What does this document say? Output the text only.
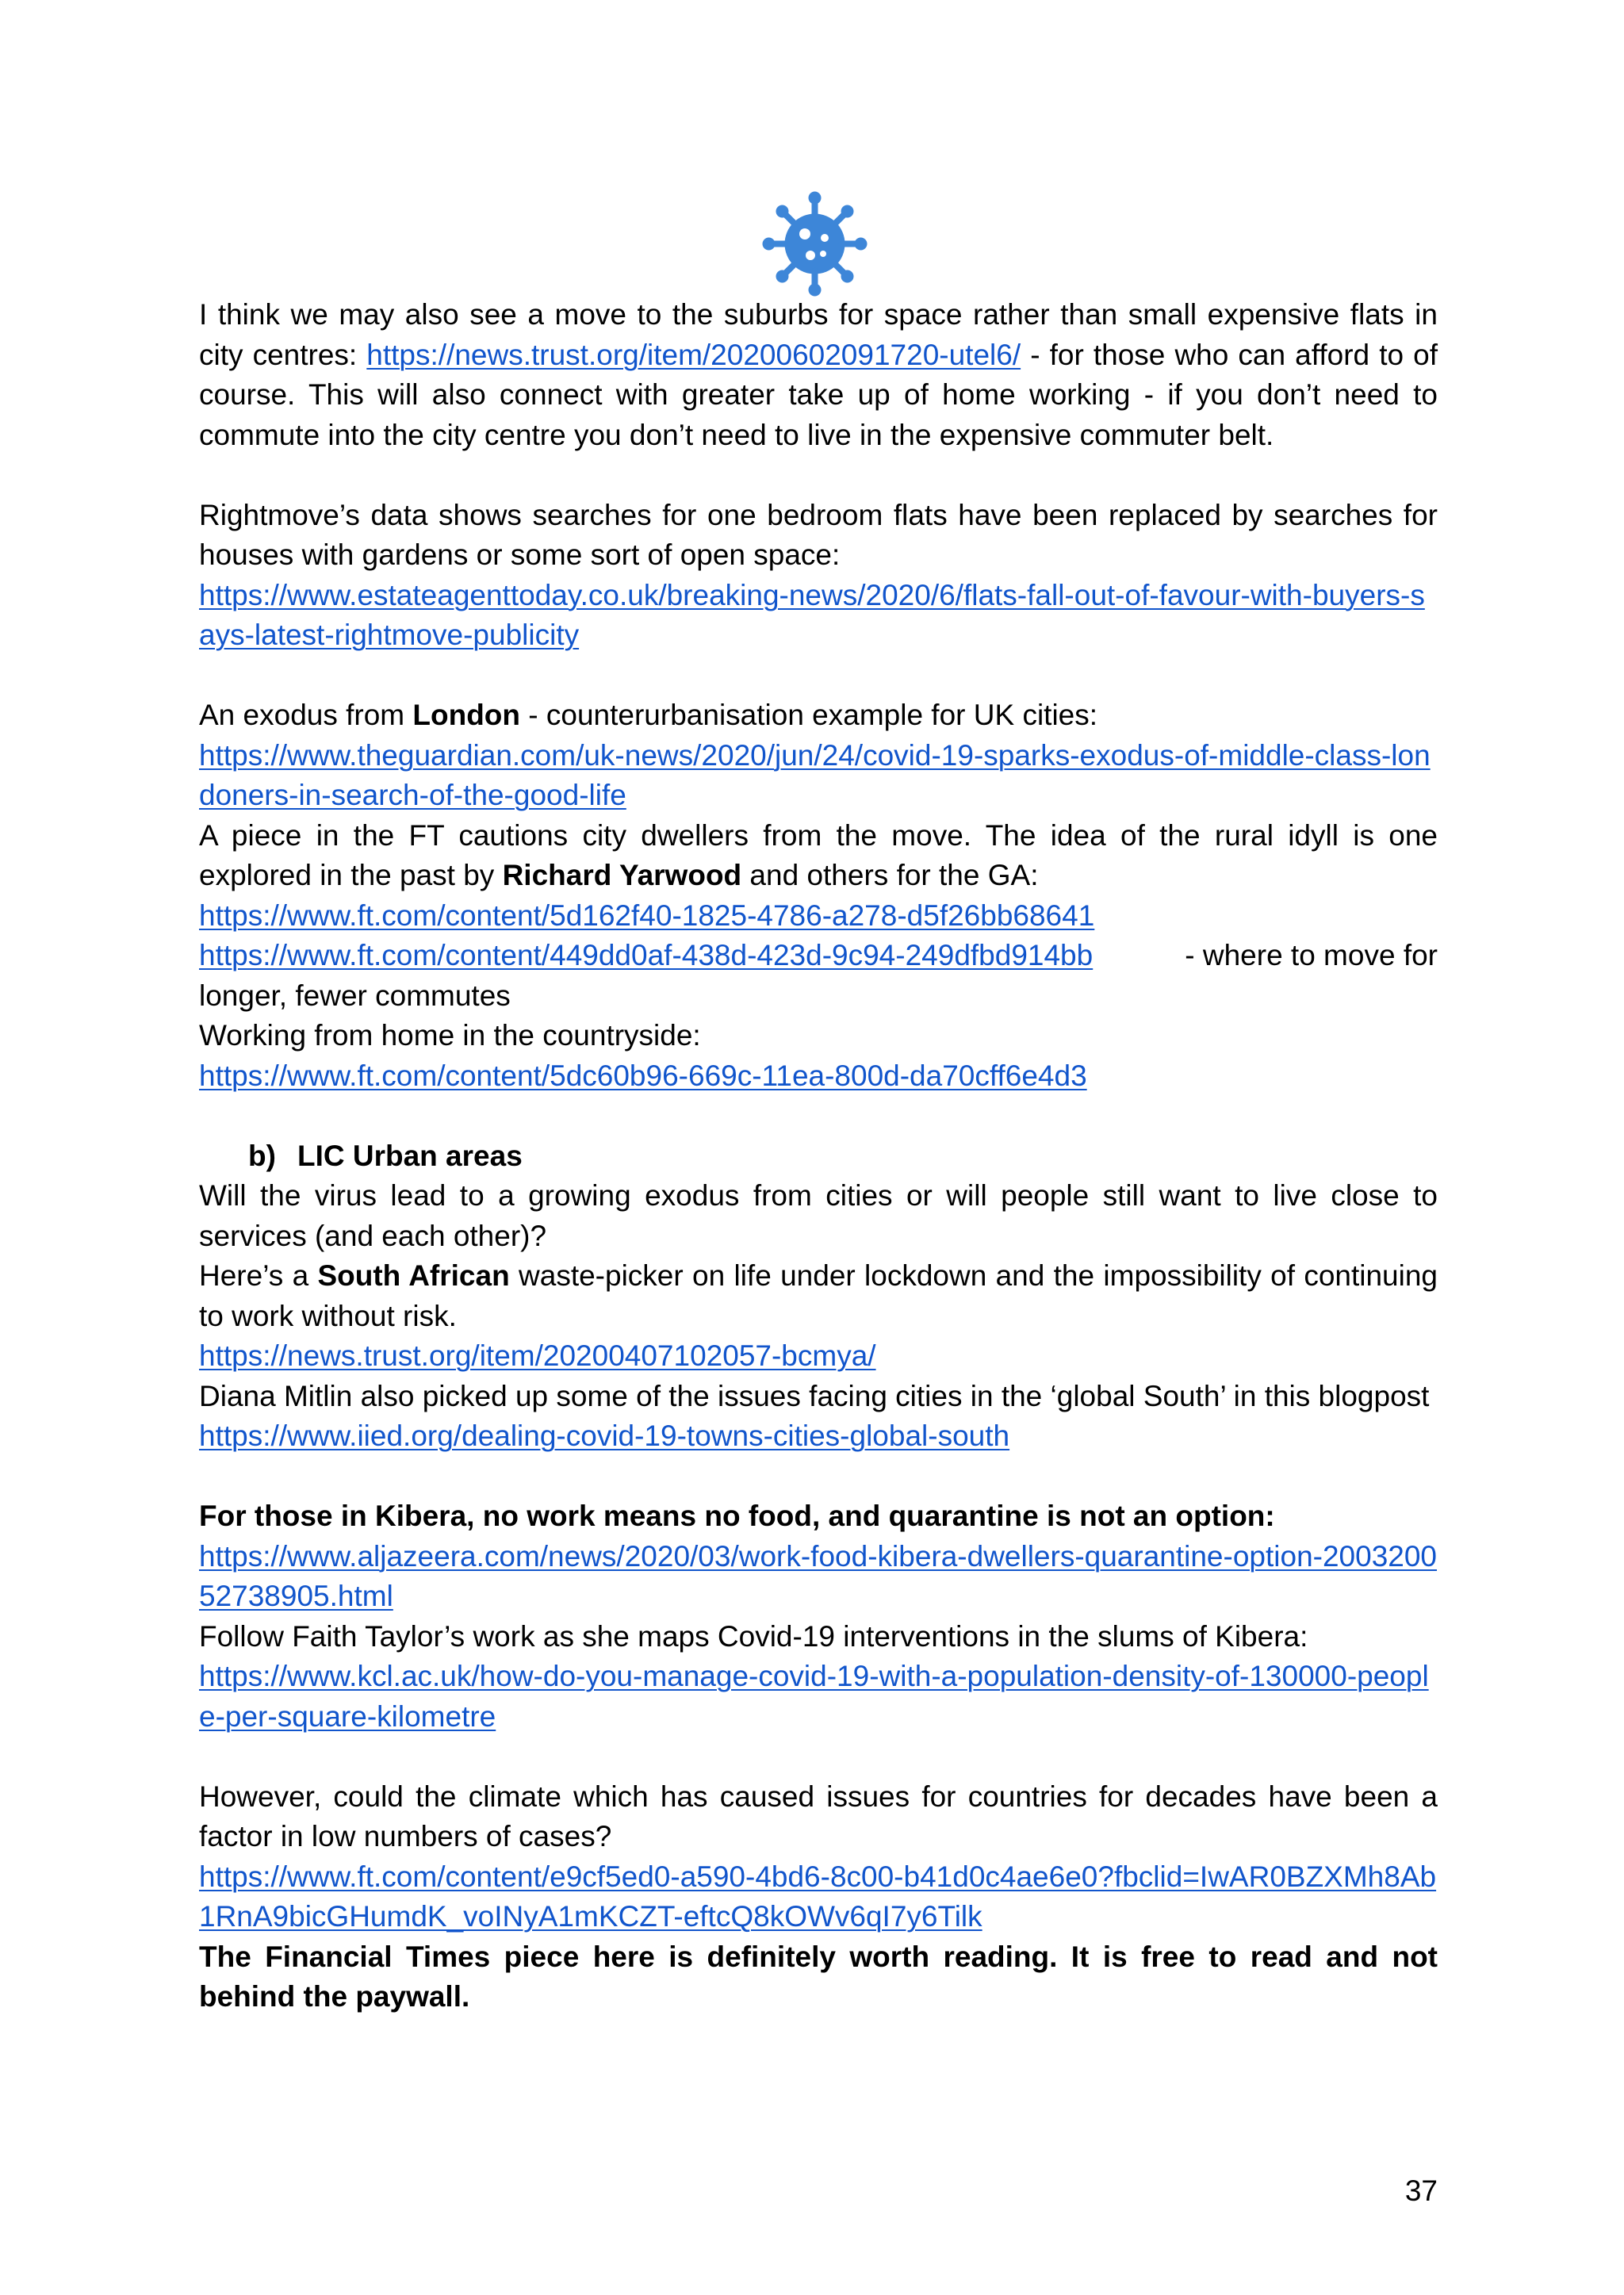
I think we may also see a move to the suburbs for space rather than small expensive flats in city centres: https://news.trust.org/item/20200602091720-utel6/ - for those who can afford to of course. This will also connect with greater take up of home working - if you don’t need to commute into the city centre you don’t need to live in the expensive commuter belt.

Rightmove’s data shows searches for one bedroom flats have been replaced by searches for houses with gardens or some sort of open space:
https://www.estateagenttoday.co.uk/breaking-news/2020/6/flats-fall-out-of-favour-with-buyers-says-latest-rightmove-publicity

An exodus from London - counterurbanisation example for UK cities:
https://www.theguardian.com/uk-news/2020/jun/24/covid-19-sparks-exodus-of-middle-class-londoners-in-search-of-the-good-life

A piece in the FT cautions city dwellers from the move. The idea of the rural idyll is one explored in the past by Richard Yarwood and others for the GA:

https://www.ft.com/content/5d162f40-1825-4786-a278-d5f26bb68641

https://www.ft.com/content/449dd0af-438d-423d-9c94-249dfbd914bb	- where to move for

longer, fewer commutes

Working from home in the countryside:

https://www.ft.com/content/5dc60b96-669c-11ea-800d-da70cff6e4d3

b) LIC Urban areas

Will the virus lead to a growing exodus from cities or will people still want to live close to services (and each other)?

Here’s a South African waste-picker on life under lockdown and the impossibility of continuing to work without risk.
https://news.trust.org/item/20200407102057-bcmya/

Diana Mitlin also picked up some of the issues facing cities in the ‘global South’ in this blogpost
https://www.iied.org/dealing-covid-19-towns-cities-global-south

For those in Kibera, no work means no food, and quarantine is not an option:
https://www.aljazeera.com/news/2020/03/work-food-kibera-dwellers-quarantine-option-200320052738905.html
Follow Faith Taylor’s work as she maps Covid-19 interventions in the slums of Kibera:
https://www.kcl.ac.uk/how-do-you-manage-covid-19-with-a-population-density-of-130000-people-per-square-kilometre

However, could the climate which has caused issues for countries for decades have been a factor in low numbers of cases?
https://www.ft.com/content/e9cf5ed0-a590-4bd6-8c00-b41d0c4ae6e0?fbclid=IwAR0BZXMh8Ab1RnA9bicGHumdK_voINyA1mKCZT-eftcQ8kOWv6qI7y6Tilk
The Financial Times piece here is definitely worth reading. It is free to read and not behind the paywall.

37
